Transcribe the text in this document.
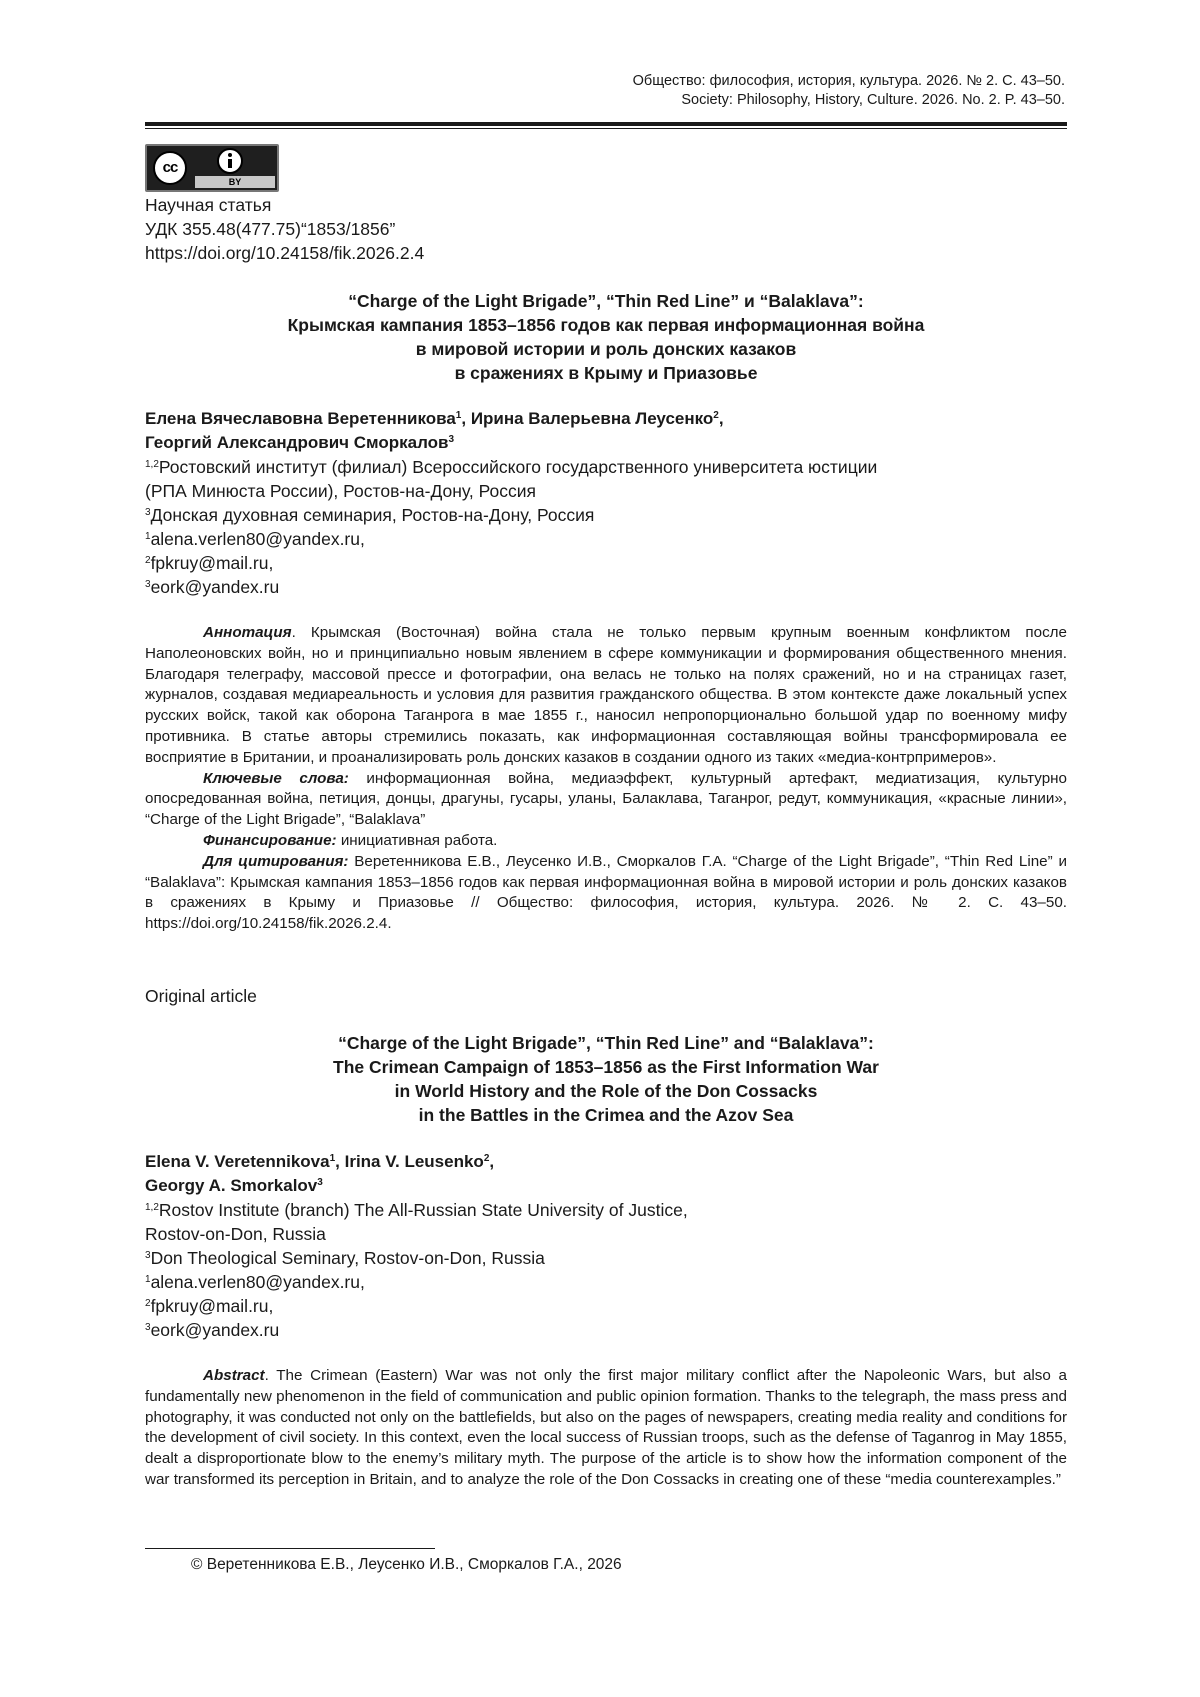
Общество: философия, история, культура. 2026. № 2. С. 43–50.
Society: Philosophy, History, Culture. 2026. No. 2. P. 43–50.
cc
BY
Научная статья
УДК 355.48(477.75)“1853/1856”
https://doi.org/10.24158/fik.2026.2.4
“Charge of the Light Brigade”, “Thin Red Line” и “Balaklava”:
Крымская кампания 1853–1856 годов как первая информационная война
в мировой истории и роль донских казаков
в сражениях в Крыму и Приазовье
Елена Вячеславовна Веретенникова$^1$, Ирина Валерьевна Леусенко$^2$,
Георгий Александрович Сморкалов$^3$
$^{1,2}$Ростовский институт (филиал) Всероссийского государственного университета юстиции
(РПА Минюста России), Ростов-на-Дону, Россия
$^3$Донская духовная семинария, Ростов-на-Дону, Россия
$^1$alena.verlen80@yandex.ru,
$^2$fpkruy@mail.ru,
$^3$eork@yandex.ru

Аннотация. Крымская (Восточная) война стала не только первым крупным военным конфликтом после Наполеоновских войн, но и принципиально новым явлением в сфере коммуникации и формирования общественного мнения. Благодаря телеграфу, массовой прессе и фотографии, она велась не только на полях сражений, но и на страницах газет, журналов, создавая медиареальность и условия для развития гражданского общества. В этом контексте даже локальный успех русских войск, такой как оборона Таганрога в мае 1855 г., наносил непропорционально большой удар по военному мифу противника. В статье авторы стремились показать, как информационная составляющая войны трансформировала ее восприятие в Британии, и проанализировать роль донских казаков в создании одного из таких «медиа-контрпримеров».

Ключевые слова: информационная война, медиаэффект, культурный артефакт, медиатизация, культурно опосредованная война, петиция, донцы, драгуны, гусары, уланы, Балаклава, Таганрог, редут, коммуникация, «красные линии», “Charge of the Light Brigade”, “Balaklava”

Финансирование: инициативная работа.

Для цитирования: Веретенникова Е.В., Леусенко И.В., Сморкалов Г.А. “Charge of the Light Brigade”, “Thin Red Line” и “Balaklava”: Крымская кампания 1853–1856 годов как первая информационная война в мировой истории и роль донских казаков в сражениях в Крыму и Приазовье // Общество: философия, история, культура. 2026. № 2. С. 43–50. https://doi.org/10.24158/fik.2026.2.4.

Original article
“Charge of the Light Brigade”, “Thin Red Line” and “Balaklava”:
The Crimean Campaign of 1853–1856 as the First Information War
in World History and the Role of the Don Cossacks
in the Battles in the Crimea and the Azov Sea
Elena V. Veretennikova$^1$, Irina V. Leusenko$^2$,
Georgy A. Smorkalov$^3$
$^{1,2}$Rostov Institute (branch) The All-Russian State University of Justice,
Rostov-on-Don, Russia
$^3$Don Theological Seminary, Rostov-on-Don, Russia
$^1$alena.verlen80@yandex.ru,
$^2$fpkruy@mail.ru,
$^3$eork@yandex.ru

Abstract. The Crimean (Eastern) War was not only the first major military conflict after the Napoleonic Wars, but also a fundamentally new phenomenon in the field of communication and public opinion formation. Thanks to the telegraph, the mass press and photography, it was conducted not only on the battlefields, but also on the pages of newspapers, creating media reality and conditions for the development of civil society. In this context, even the local success of Russian troops, such as the defense of Taganrog in May 1855, dealt a disproportionate blow to the enemy’s military myth. The purpose of the article is to show how the information component of the war transformed its perception in Britain, and to analyze the role of the Don Cossacks in creating one of these “media counterexamples.”

© Веретенникова Е.В., Леусенко И.В., Сморкалов Г.А., 2026
